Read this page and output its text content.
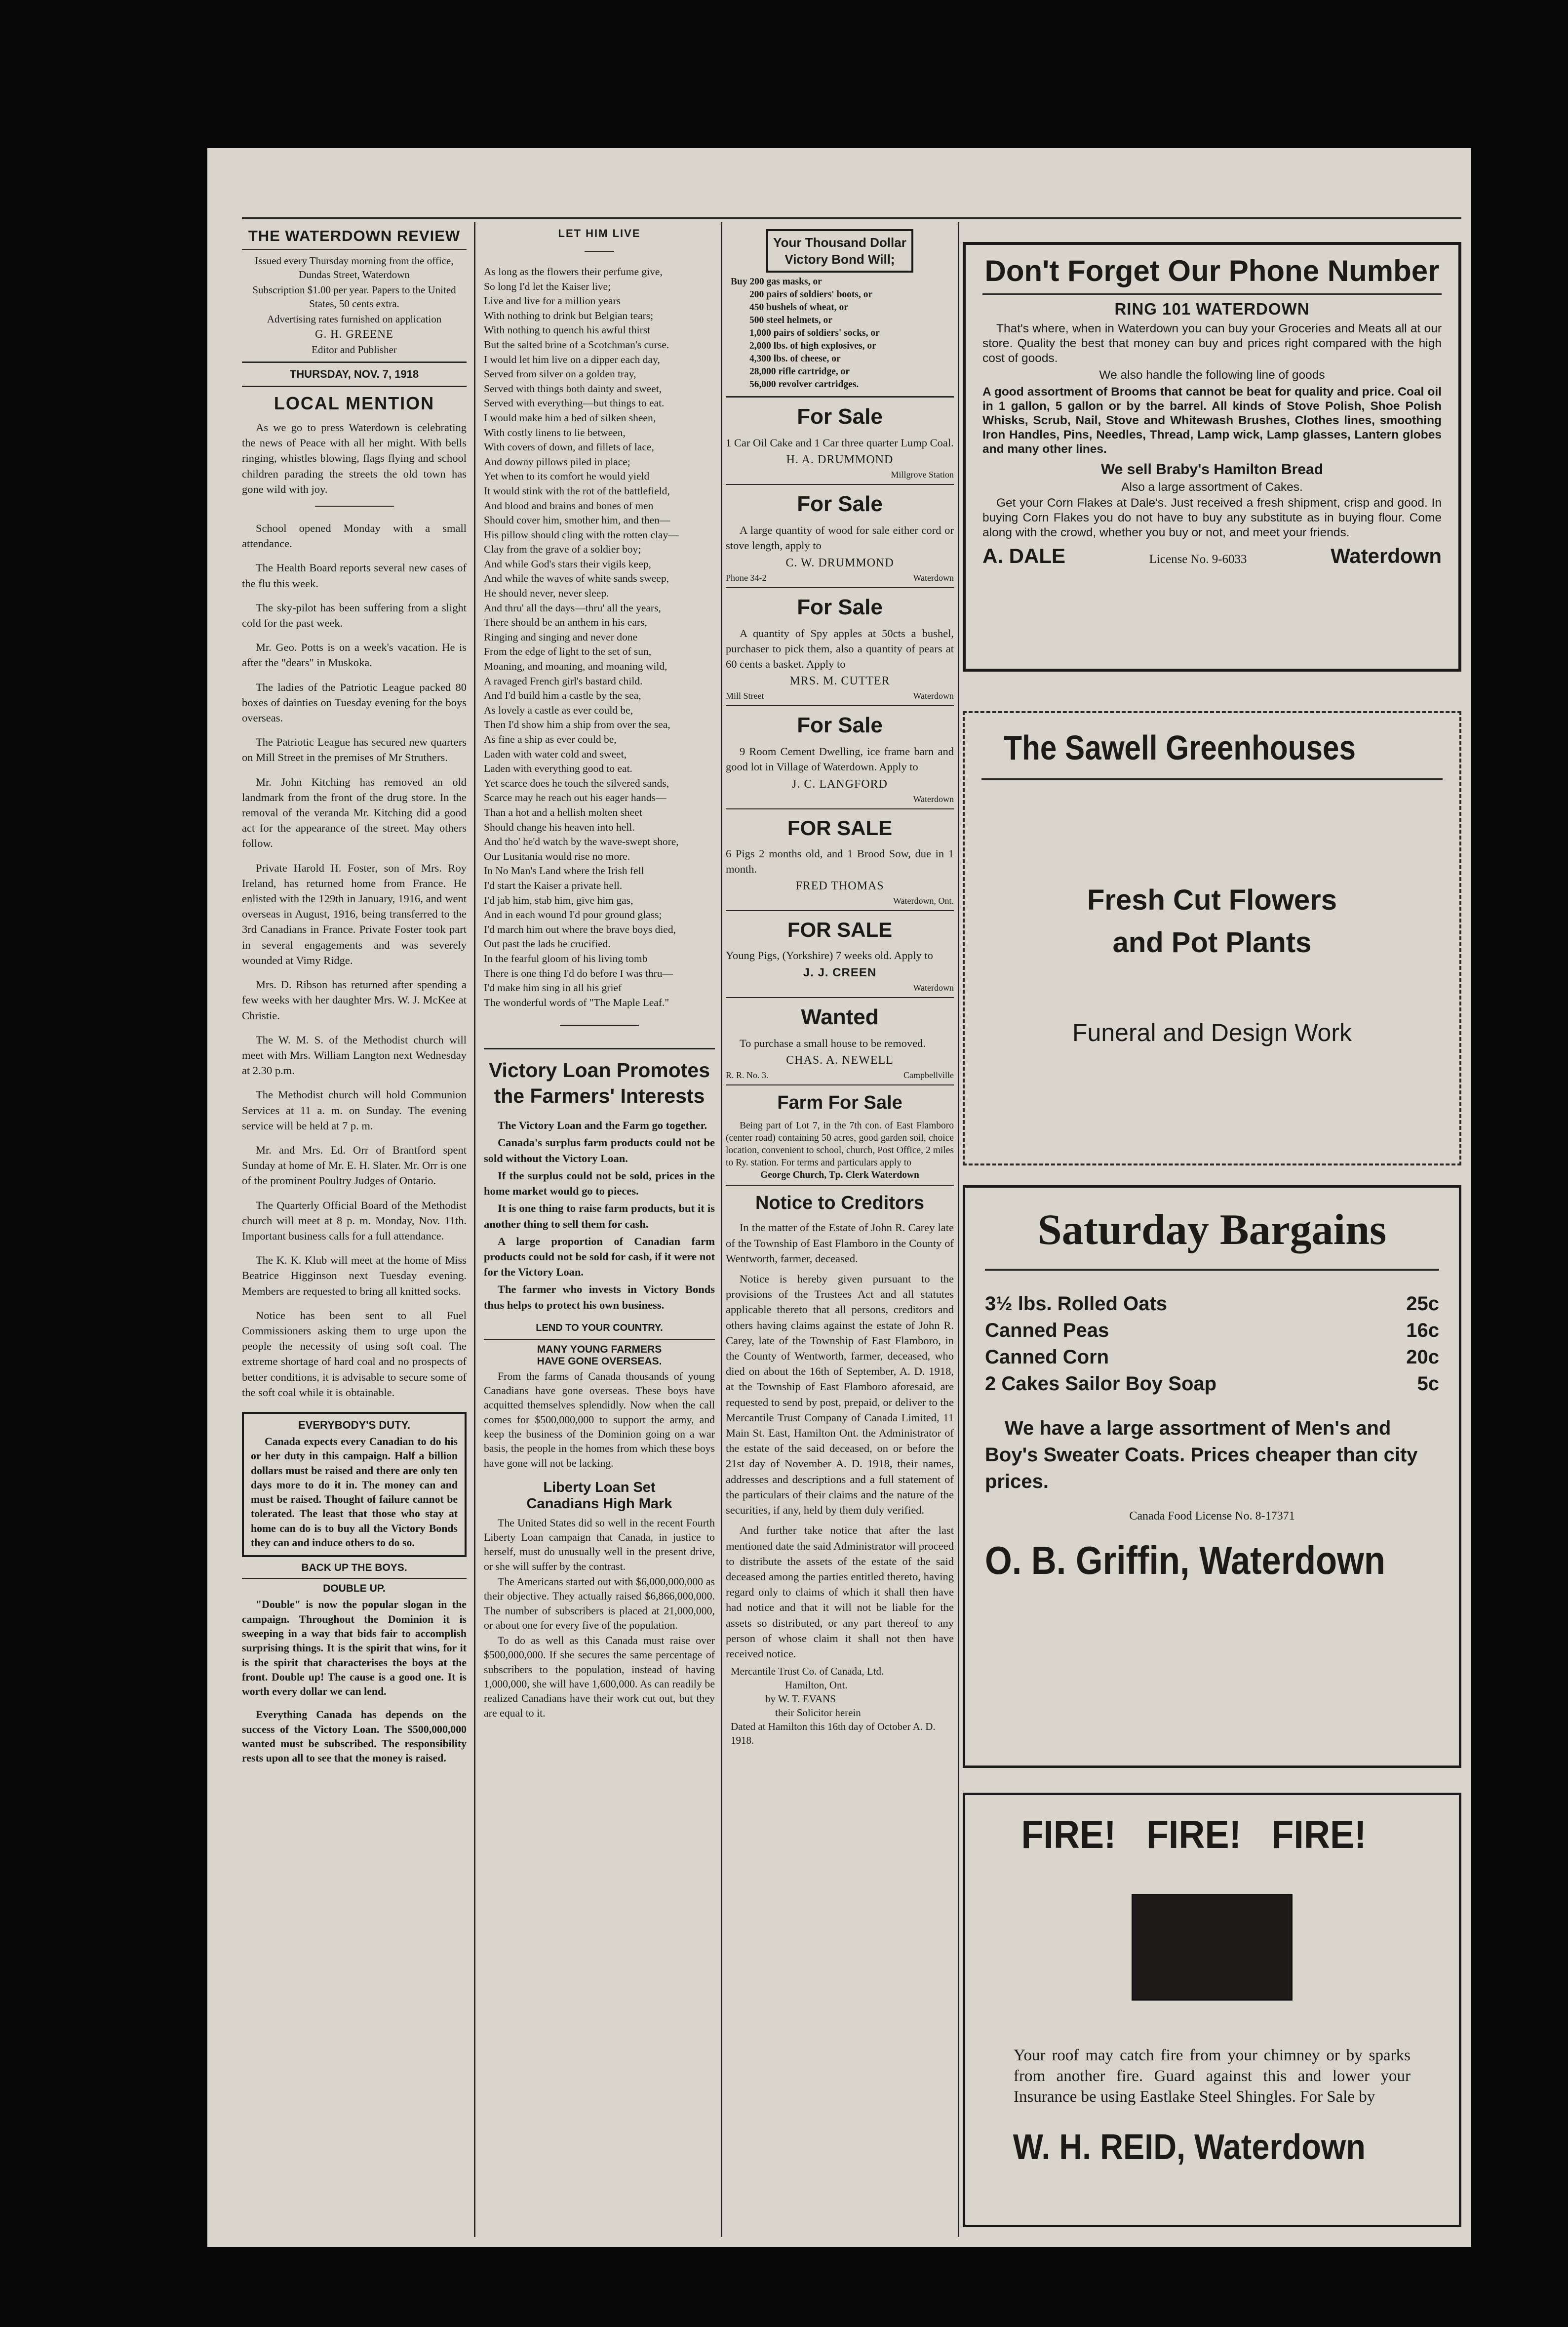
THE WATERDOWN REVIEW
Issued every Thursday morning from the office, Dundas Street, Waterdown
Subscription $1.00 per year. Papers to the United States, 50 cents extra.
Advertising rates furnished on application
G. H. GREENE
Editor and Publisher
THURSDAY, NOV. 7, 1918
LOCAL MENTION

As we go to press Waterdown is celebrating the news of Peace with all her might. With bells ringing, whistles blowing, flags flying and school children parading the streets the old town has gone wild with joy.

School opened Monday with a small attendance.

The Health Board reports several new cases of the flu this week.

The sky-pilot has been suffering from a slight cold for the past week.

Mr. Geo. Potts is on a week's vacation. He is after the "dears" in Muskoka.

The ladies of the Patriotic League packed 80 boxes of dainties on Tuesday evening for the boys overseas.

The Patriotic League has secured new quarters on Mill Street in the premises of Mr Struthers.

Mr. John Kitching has removed an old landmark from the front of the drug store. In the removal of the veranda Mr. Kitching did a good act for the appearance of the street. May others follow.

Private Harold H. Foster, son of Mrs. Roy Ireland, has returned home from France. He enlisted with the 129th in January, 1916, and went overseas in August, 1916, being transferred to the 3rd Canadians in France. Private Foster took part in several engagements and was severely wounded at Vimy Ridge.

Mrs. D. Ribson has returned after spending a few weeks with her daughter Mrs. W. J. McKee at Christie.

The W. M. S. of the Methodist church will meet with Mrs. William Langton next Wednesday at 2.30 p.m.

The Methodist church will hold Communion Services at 11 a. m. on Sunday. The evening service will be held at 7 p. m.

Mr. and Mrs. Ed. Orr of Brantford spent Sunday at home of Mr. E. H. Slater. Mr. Orr is one of the prominent Poultry Judges of Ontario.

The Quarterly Official Board of the Methodist church will meet at 8 p. m. Monday, Nov. 11th. Important business calls for a full attendance.

The K. K. Klub will meet at the home of Miss Beatrice Higginson next Tuesday evening. Members are requested to bring all knitted socks.

Notice has been sent to all Fuel Commissioners asking them to urge upon the people the necessity of using soft coal. The extreme shortage of hard coal and no prospects of better conditions, it is advisable to secure some of the soft coal while it is obtainable.

EVERYBODY'S DUTY.

Canada expects every Canadian to do his or her duty in this campaign. Half a billion dollars must be raised and there are only ten days more to do it in. The money can and must be raised. Thought of failure cannot be tolerated. The least that those who stay at home can do is to buy all the Victory Bonds they can and induce others to do so.

BACK UP THE BOYS.
DOUBLE UP.

"Double" is now the popular slogan in the campaign. Throughout the Dominion it is sweeping in a way that bids fair to accomplish surprising things. It is the spirit that wins, for it is the spirit that characterises the boys at the front. Double up! The cause is a good one. It is worth every dollar we can lend.

Everything Canada has depends on the success of the Victory Loan. The $500,000,000 wanted must be subscribed. The responsibility rests upon all to see that the money is raised.

LET HIM LIVE
As long as the flowers their perfume give,
So long I'd let the Kaiser live;
Live and live for a million years
With nothing to drink but Belgian tears;
With nothing to quench his awful thirst
But the salted brine of a Scotchman's curse.
I would let him live on a dipper each day,
Served from silver on a golden tray,
Served with things both dainty and sweet,
Served with everything—but things to eat.
I would make him a bed of silken sheen,
With costly linens to lie between,
With covers of down, and fillets of lace,
And downy pillows piled in place;
Yet when to its comfort he would yield
It would stink with the rot of the battlefield,
And blood and brains and bones of men
Should cover him, smother him, and then—
His pillow should cling with the rotten clay—
Clay from the grave of a soldier boy;
And while God's stars their vigils keep,
And while the waves of white sands sweep,
He should never, never sleep.
And thru' all the days—thru' all the years,
There should be an anthem in his ears,
Ringing and singing and never done
From the edge of light to the set of sun,
Moaning, and moaning, and moaning wild,
A ravaged French girl's bastard child.
And I'd build him a castle by the sea,
As lovely a castle as ever could be,
Then I'd show him a ship from over the sea,
As fine a ship as ever could be,
Laden with water cold and sweet,
Laden with everything good to eat.
Yet scarce does he touch the silvered sands,
Scarce may he reach out his eager hands—
Than a hot and a hellish molten sheet
Should change his heaven into hell.
And tho' he'd watch by the wave-swept shore,
Our Lusitania would rise no more.
In No Man's Land where the Irish fell
I'd start the Kaiser a private hell.
I'd jab him, stab him, give him gas,
And in each wound I'd pour ground glass;
I'd march him out where the brave boys died,
Out past the lads he crucified.
In the fearful gloom of his living tomb
There is one thing I'd do before I was thru—
I'd make him sing in all his grief
The wonderful words of "The Maple Leaf."
Victory Loan Promotes the Farmers' Interests

The Victory Loan and the Farm go together.

Canada's surplus farm products could not be sold without the Victory Loan.

If the surplus could not be sold, prices in the home market would go to pieces.

It is one thing to raise farm products, but it is another thing to sell them for cash.

A large proportion of Canadian farm products could not be sold for cash, if it were not for the Victory Loan.

The farmer who invests in Victory Bonds thus helps to protect his own business.

LEND TO YOUR COUNTRY.
MANY YOUNG FARMERS
HAVE GONE OVERSEAS.

From the farms of Canada thousands of young Canadians have gone overseas. These boys have acquitted themselves splendidly. Now when the call comes for $500,000,000 to support the army, and keep the business of the Dominion going on a war basis, the people in the homes from which these boys have gone will not be lacking.

Liberty Loan Set
Canadians High Mark

The United States did so well in the recent Fourth Liberty Loan campaign that Canada, in justice to herself, must do unusually well in the present drive, or she will suffer by the contrast.

The Americans started out with $6,000,000,000 as their objective. They actually raised $6,866,000,000. The number of subscribers is placed at 21,000,000, or about one for every five of the population.

To do as well as this Canada must raise over $500,000,000. If she secures the same percentage of subscribers to the population, instead of having 1,000,000, she will have 1,600,000. As can readily be realized Canadians have their work cut out, but they are equal to it.

Your Thousand Dollar Victory Bond Will;
Buy 200 gas masks, or
200 pairs of soldiers' boots, or
450 bushels of wheat, or
500 steel helmets, or
1,000 pairs of soldiers' socks, or
2,000 lbs. of high explosives, or
4,300 lbs. of cheese, or
28,000 rifle cartridge, or
56,000 revolver cartridges.
For Sale

1 Car Oil Cake and 1 Car three quarter Lump Coal.

H. A. DRUMMOND
Millgrove Station
For Sale

A large quantity of wood for sale either cord or stove length, apply to

C. W. DRUMMOND
Phone 34-2	Waterdown
For Sale

A quantity of Spy apples at 50cts a bushel, purchaser to pick them, also a quantity of pears at 60 cents a basket. Apply to

MRS. M. CUTTER
Mill Street	Waterdown
For Sale

9 Room Cement Dwelling, ice frame barn and good lot in Village of Waterdown. Apply to

J. C. LANGFORD
Waterdown
FOR SALE

6 Pigs 2 months old, and 1 Brood Sow, due in 1 month.

FRED THOMAS
Waterdown, Ont.
FOR SALE

Young Pigs, (Yorkshire) 7 weeks old. Apply to

J. J. CREEN
Waterdown
Wanted

To purchase a small house to be removed.

CHAS. A. NEWELL
R. R. No. 3.	Campbellville
Farm For Sale

Being part of Lot 7, in the 7th con. of East Flamboro (center road) containing 50 acres, good garden soil, choice location, convenient to school, church, Post Office, 2 miles to Ry. station. For terms and particulars apply to

George Church, Tp. Clerk Waterdown
Notice to Creditors

In the matter of the Estate of John R. Carey late of the Township of East Flamboro in the County of Wentworth, farmer, deceased.

Notice is hereby given pursuant to the provisions of the Trustees Act and all statutes applicable thereto that all persons, creditors and others having claims against the estate of John R. Carey, late of the Township of East Flamboro, in the County of Wentworth, farmer, deceased, who died on about the 16th of September, A. D. 1918, at the Township of East Flamboro aforesaid, are requested to send by post, prepaid, or deliver to the Mercantile Trust Company of Canada Limited, 11 Main St. East, Hamilton Ont. the Administrator of the estate of the said deceased, on or before the 21st day of November A. D. 1918, their names, addresses and descriptions and a full statement of the particulars of their claims and the nature of the securities, if any, held by them duly verified.

And further take notice that after the last mentioned date the said Administrator will proceed to distribute the assets of the estate of the said deceased among the parties entitled thereto, having regard only to claims of which it shall then have had notice and that it will not be liable for the assets so distributed, or any part thereof to any person of whose claim it shall not then have received notice.

Mercantile Trust Co. of Canada, Ltd.
Hamilton, Ont.
by W. T. EVANS
their Solicitor herein
Dated at Hamilton this 16th day of October A. D. 1918.
Don't Forget Our Phone Number
RING 101 WATERDOWN

That's where, when in Waterdown you can buy your Groceries and Meats all at our store. Quality the best that money can buy and prices right compared with the high cost of goods.

We also handle the following line of goods

A good assortment of Brooms that cannot be beat for quality and price. Coal oil in 1 gallon, 5 gallon or by the barrel. All kinds of Stove Polish, Shoe Polish Whisks, Scrub, Nail, Stove and Whitewash Brushes, Clothes lines, smoothing Iron Handles, Pins, Needles, Thread, Lamp wick, Lamp glasses, Lantern globes and many other lines.

We sell Braby's Hamilton Bread

Also a large assortment of Cakes.

Get your Corn Flakes at Dale's. Just received a fresh shipment, crisp and good. In buying Corn Flakes you do not have to buy any substitute as in buying flour. Come along with the crowd, whether you buy or not, and meet your friends.

A. DALE	License No. 9-6033	Waterdown
The Sawell Greenhouses
Fresh Cut Flowers
and Pot Plants
Funeral and Design Work
Saturday Bargains
3½ lbs. Rolled Oats	25c
Canned Peas	16c
Canned Corn	20c
2 Cakes Sailor Boy Soap	5c

We have a large assortment of Men's and Boy's Sweater Coats. Prices cheaper than city prices.

Canada Food License No. 8-17371
O. B. Griffin, Waterdown
FIRE!   FIRE!   FIRE!

Your roof may catch fire from your chimney or by sparks from another fire. Guard against this and lower your Insurance be using Eastlake Steel Shingles. For Sale by

W. H. REID, Waterdown
